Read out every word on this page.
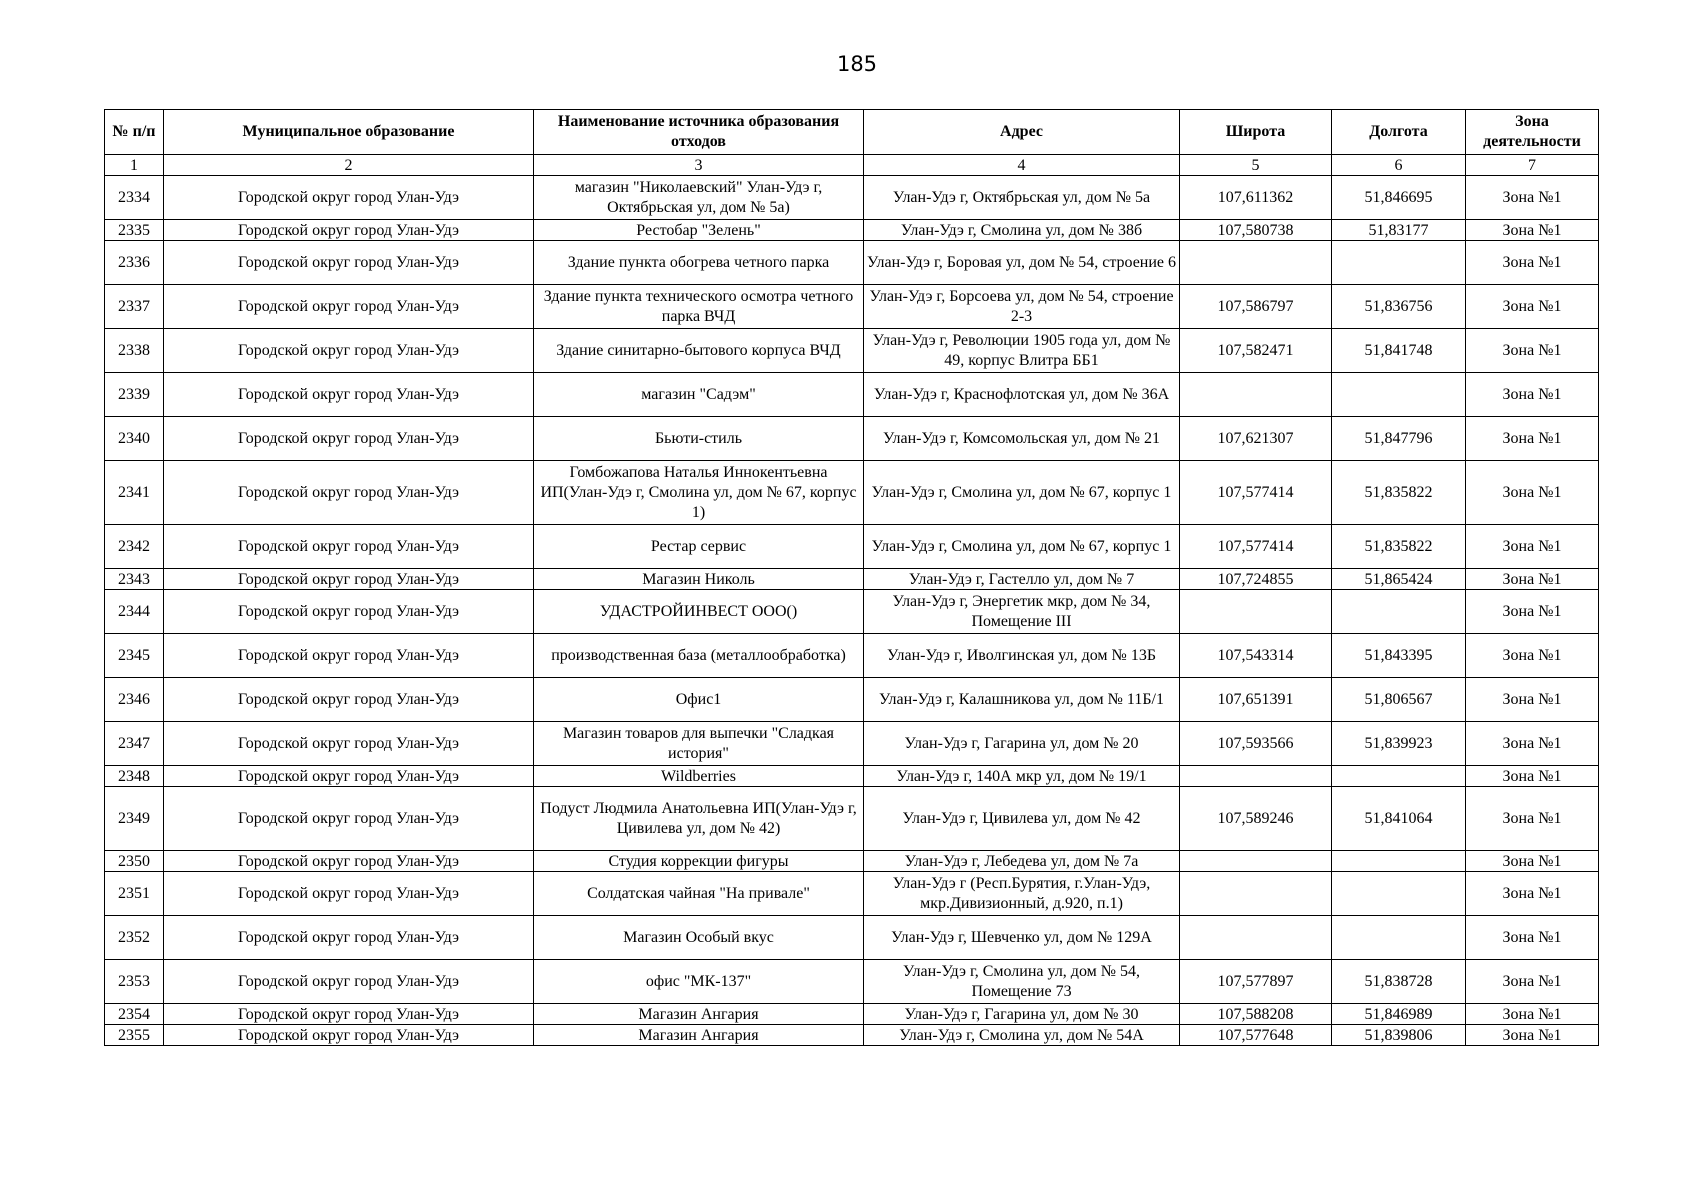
185
№ п/п	Муниципальное образование	Наименование источника образования отходов	Адрес	Широта	Долгота	Зона деятельности
1	2	3	4	5	6	7
2334	Городской округ город Улан-Удэ	магазин "Николаевский" Улан-Удэ г, Октябрьская ул, дом № 5а)	Улан-Удэ г, Октябрьская ул, дом № 5а	107,611362	51,846695	Зона №1
2335	Городской округ город Улан-Удэ	Рестобар "Зелень"	Улан-Удэ г, Смолина ул, дом № 38б	107,580738	51,83177	Зона №1
2336	Городской округ город Улан-Удэ	Здание пункта обогрева четного парка	Улан-Удэ г, Боровая ул, дом № 54, строение 6			Зона №1
2337	Городской округ город Улан-Удэ	Здание пункта технического осмотра четного парка ВЧД	Улан-Удэ г, Борсоева ул, дом № 54, строение 2-3	107,586797	51,836756	Зона №1
2338	Городской округ город Улан-Удэ	Здание синитарно-бытового корпуса ВЧД	Улан-Удэ г, Революции 1905 года ул, дом № 49, корпус Влитра ББ1	107,582471	51,841748	Зона №1
2339	Городской округ город Улан-Удэ	магазин "Садэм"	Улан-Удэ г, Краснофлотская ул, дом № 36А			Зона №1
2340	Городской округ город Улан-Удэ	Бьюти-стиль	Улан-Удэ г, Комсомольская ул, дом № 21	107,621307	51,847796	Зона №1
2341	Городской округ город Улан-Удэ	Гомбожапова Наталья Иннокентьевна ИП(Улан-Удэ г, Смолина ул, дом № 67, корпус 1)	Улан-Удэ г, Смолина ул, дом № 67, корпус 1	107,577414	51,835822	Зона №1
2342	Городской округ город Улан-Удэ	Рестар сервис	Улан-Удэ г, Смолина ул, дом № 67, корпус 1	107,577414	51,835822	Зона №1
2343	Городской округ город Улан-Удэ	Магазин Николь	Улан-Удэ г, Гастелло ул, дом № 7	107,724855	51,865424	Зона №1
2344	Городской округ город Улан-Удэ	УДАСТРОЙИНВЕСТ ООО()	Улан-Удэ г, Энергетик мкр, дом № 34, Помещение III			Зона №1
2345	Городской округ город Улан-Удэ	производственная база (металлообработка)	Улан-Удэ г, Иволгинская ул, дом № 13Б	107,543314	51,843395	Зона №1
2346	Городской округ город Улан-Удэ	Офис1	Улан-Удэ г, Калашникова ул, дом № 11Б/1	107,651391	51,806567	Зона №1
2347	Городской округ город Улан-Удэ	Магазин товаров для выпечки "Сладкая история"	Улан-Удэ г, Гагарина ул, дом № 20	107,593566	51,839923	Зона №1
2348	Городской округ город Улан-Удэ	Wildberries	Улан-Удэ г, 140А мкр ул, дом № 19/1			Зона №1
2349	Городской округ город Улан-Удэ	Подуст Людмила Анатольевна ИП(Улан-Удэ г, Цивилева ул, дом № 42)	Улан-Удэ г, Цивилева ул, дом № 42	107,589246	51,841064	Зона №1
2350	Городской округ город Улан-Удэ	Студия коррекции фигуры	Улан-Удэ г, Лебедева ул, дом № 7а			Зона №1
2351	Городской округ город Улан-Удэ	Солдатская чайная "На привале"	Улан-Удэ г (Респ.Бурятия, г.Улан-Удэ, мкр.Дивизионный, д.920, п.1)			Зона №1
2352	Городской округ город Улан-Удэ	Магазин Особый вкус	Улан-Удэ г, Шевченко ул, дом № 129А			Зона №1
2353	Городской округ город Улан-Удэ	офис "МК-137"	Улан-Удэ г, Смолина ул, дом № 54, Помещение 73	107,577897	51,838728	Зона №1
2354	Городской округ город Улан-Удэ	Магазин Ангария	Улан-Удэ г, Гагарина ул, дом № 30	107,588208	51,846989	Зона №1
2355	Городской округ город Улан-Удэ	Магазин Ангария	Улан-Удэ г, Смолина ул, дом № 54А	107,577648	51,839806	Зона №1
